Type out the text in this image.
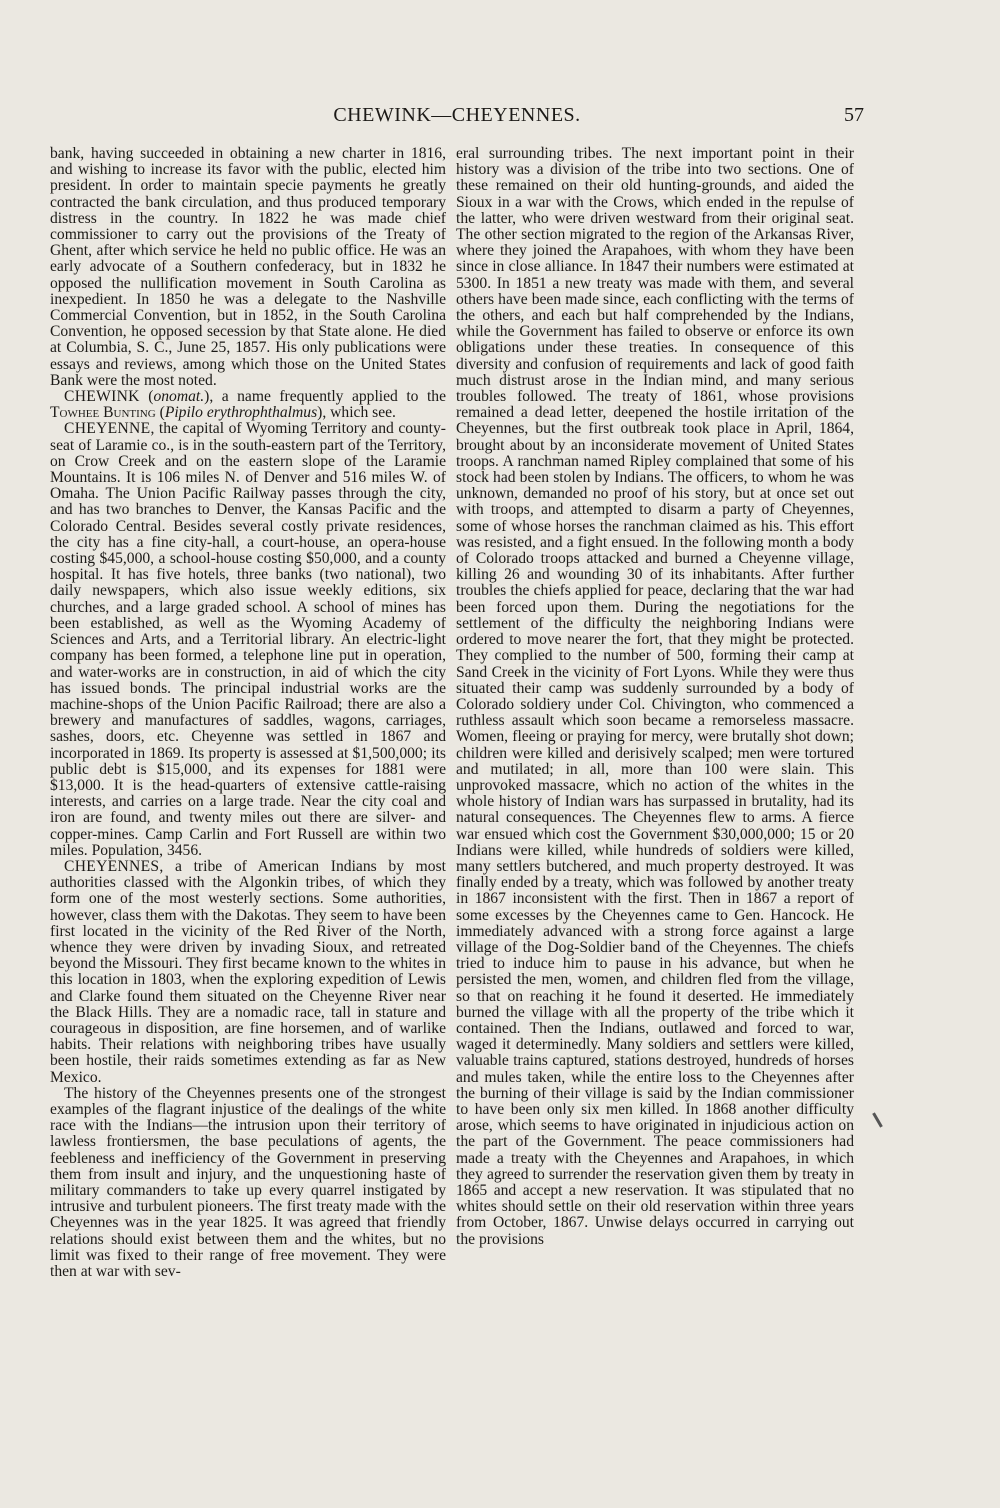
CHEWINK—CHEYENNES.	57

bank, having succeeded in obtaining a new charter in 1816, and wishing to increase its favor with the public, elected him president. In order to maintain specie payments he greatly contracted the bank circulation, and thus produced temporary distress in the country. In 1822 he was made chief commissioner to carry out the provisions of the Treaty of Ghent, after which service he held no public office. He was an early advocate of a Southern confederacy, but in 1832 he opposed the nullification movement in South Carolina as inexpedient. In 1850 he was a delegate to the Nashville Commercial Convention, but in 1852, in the South Carolina Convention, he opposed secession by that State alone. He died at Columbia, S. C., June 25, 1857. His only publications were essays and reviews, among which those on the United States Bank were the most noted.

CHEWINK (onomat.), a name frequently applied to the Towhee Bunting (Pipilo erythrophthalmus), which see.

CHEYENNE, the capital of Wyoming Territory and county-seat of Laramie co., is in the south-eastern part of the Territory, on Crow Creek and on the eastern slope of the Laramie Mountains. It is 106 miles N. of Denver and 516 miles W. of Omaha. The Union Pacific Railway passes through the city, and has two branches to Denver, the Kansas Pacific and the Colorado Central. Besides several costly private residences, the city has a fine city-hall, a court-house, an opera-house costing $45,000, a school-house costing $50,000, and a county hospital. It has five hotels, three banks (two national), two daily newspapers, which also issue weekly editions, six churches, and a large graded school. A school of mines has been established, as well as the Wyoming Academy of Sciences and Arts, and a Territorial library. An electric-light company has been formed, a telephone line put in operation, and water-works are in construction, in aid of which the city has issued bonds. The principal industrial works are the machine-shops of the Union Pacific Railroad; there are also a brewery and manufactures of saddles, wagons, carriages, sashes, doors, etc. Cheyenne was settled in 1867 and incorporated in 1869. Its property is assessed at $1,500,000; its public debt is $15,000, and its expenses for 1881 were $13,000. It is the head-quarters of extensive cattle-raising interests, and carries on a large trade. Near the city coal and iron are found, and twenty miles out there are silver- and copper-mines. Camp Carlin and Fort Russell are within two miles. Population, 3456.

CHEYENNES, a tribe of American Indians by most authorities classed with the Algonkin tribes, of which they form one of the most westerly sections. Some authorities, however, class them with the Dakotas. They seem to have been first located in the vicinity of the Red River of the North, whence they were driven by invading Sioux, and retreated beyond the Missouri. They first became known to the whites in this location in 1803, when the exploring expedition of Lewis and Clarke found them situated on the Cheyenne River near the Black Hills. They are a nomadic race, tall in stature and courageous in disposition, are fine horsemen, and of warlike habits. Their relations with neighboring tribes have usually been hostile, their raids sometimes extending as far as New Mexico.

The history of the Cheyennes presents one of the strongest examples of the flagrant injustice of the dealings of the white race with the Indians—the intrusion upon their territory of lawless frontiersmen, the base peculations of agents, the feebleness and inefficiency of the Government in preserving them from insult and injury, and the unquestioning haste of military commanders to take up every quarrel instigated by intrusive and turbulent pioneers. The first treaty made with the Cheyennes was in the year 1825. It was agreed that friendly relations should exist between them and the whites, but no limit was fixed to their range of free movement. They were then at war with sev-

eral surrounding tribes. The next important point in their history was a division of the tribe into two sections. One of these remained on their old hunting-grounds, and aided the Sioux in a war with the Crows, which ended in the repulse of the latter, who were driven westward from their original seat. The other section migrated to the region of the Arkansas River, where they joined the Arapahoes, with whom they have been since in close alliance. In 1847 their numbers were estimated at 5300. In 1851 a new treaty was made with them, and several others have been made since, each conflicting with the terms of the others, and each but half comprehended by the Indians, while the Government has failed to observe or enforce its own obligations under these treaties. In consequence of this diversity and confusion of requirements and lack of good faith much distrust arose in the Indian mind, and many serious troubles followed. The treaty of 1861, whose provisions remained a dead letter, deepened the hostile irritation of the Cheyennes, but the first outbreak took place in April, 1864, brought about by an inconsiderate movement of United States troops. A ranchman named Ripley complained that some of his stock had been stolen by Indians. The officers, to whom he was unknown, demanded no proof of his story, but at once set out with troops, and attempted to disarm a party of Cheyennes, some of whose horses the ranchman claimed as his. This effort was resisted, and a fight ensued. In the following month a body of Colorado troops attacked and burned a Cheyenne village, killing 26 and wounding 30 of its inhabitants. After further troubles the chiefs applied for peace, declaring that the war had been forced upon them. During the negotiations for the settlement of the difficulty the neighboring Indians were ordered to move nearer the fort, that they might be protected. They complied to the number of 500, forming their camp at Sand Creek in the vicinity of Fort Lyons. While they were thus situated their camp was suddenly surrounded by a body of Colorado soldiery under Col. Chivington, who commenced a ruthless assault which soon became a remorseless massacre. Women, fleeing or praying for mercy, were brutally shot down; children were killed and derisively scalped; men were tortured and mutilated; in all, more than 100 were slain. This unprovoked massacre, which no action of the whites in the whole history of Indian wars has surpassed in brutality, had its natural consequences. The Cheyennes flew to arms. A fierce war ensued which cost the Government $30,000,000; 15 or 20 Indians were killed, while hundreds of soldiers were killed, many settlers butchered, and much property destroyed. It was finally ended by a treaty, which was followed by another treaty in 1867 inconsistent with the first. Then in 1867 a report of some excesses by the Cheyennes came to Gen. Hancock. He immediately advanced with a strong force against a large village of the Dog-Soldier band of the Cheyennes. The chiefs tried to induce him to pause in his advance, but when he persisted the men, women, and children fled from the village, so that on reaching it he found it deserted. He immediately burned the village with all the property of the tribe which it contained. Then the Indians, outlawed and forced to war, waged it determinedly. Many soldiers and settlers were killed, valuable trains captured, stations destroyed, hundreds of horses and mules taken, while the entire loss to the Cheyennes after the burning of their village is said by the Indian commissioner to have been only six men killed. In 1868 another difficulty arose, which seems to have originated in injudicious action on the part of the Government. The peace commissioners had made a treaty with the Cheyennes and Arapahoes, in which they agreed to surrender the reservation given them by treaty in 1865 and accept a new reservation. It was stipulated that no whites should settle on their old reservation within three years from October, 1867. Unwise delays occurred in carrying out the provisions
